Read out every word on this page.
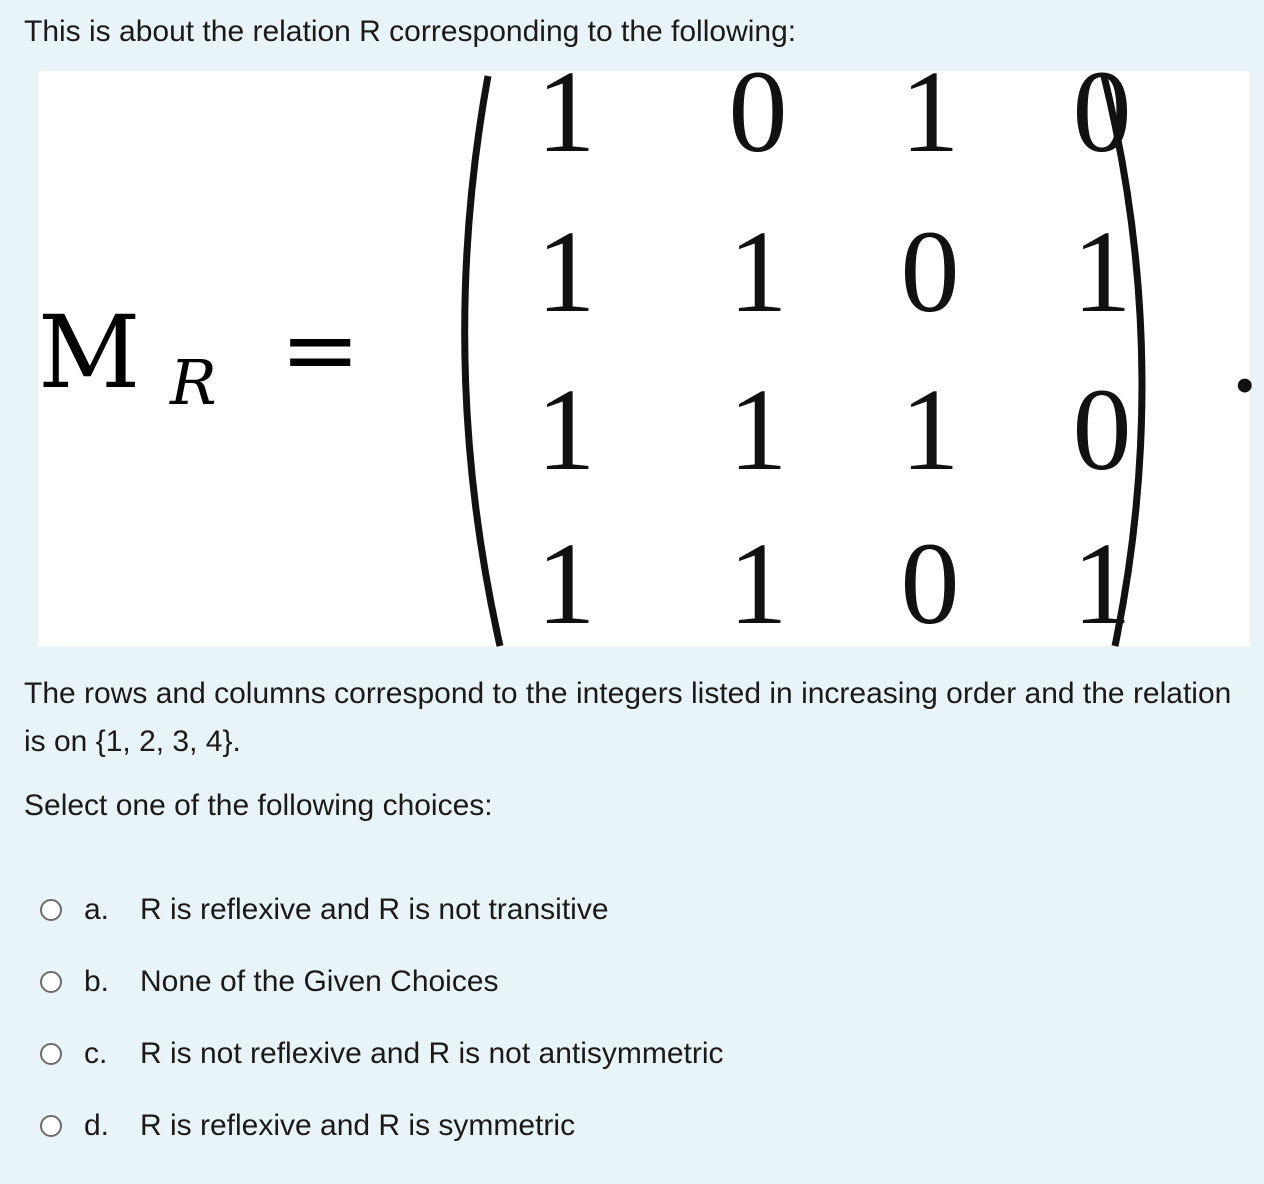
This is about the relation R corresponding to the following:
M R =
1 0 1 0
1 1 0 1
1 1 1 0
1 1 0 1
.
The rows and columns correspond to the integers listed in increasing order and the relation is on {1, 2, 3, 4}.
Select one of the following choices:
a.	R is reflexive and R is not transitive
b.	None of the Given Choices
c.	R is not reflexive and R is not antisymmetric
d.	R is reflexive and R is symmetric
